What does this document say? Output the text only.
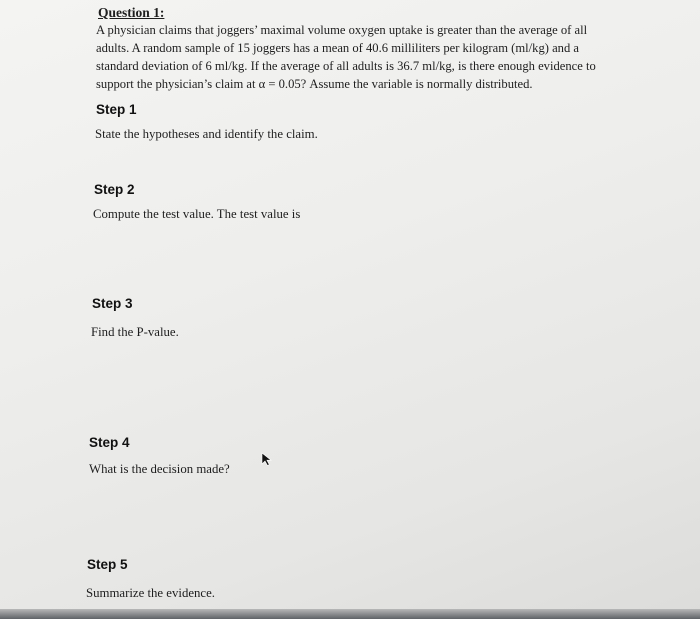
Question 1:
A physician claims that joggers’ maximal volume oxygen uptake is greater than the average of all
adults. A random sample of 15 joggers has a mean of 40.6 milliliters per kilogram (ml/kg) and a
standard deviation of 6 ml/kg. If the average of all adults is 36.7 ml/kg, is there enough evidence to
support the physician’s claim at α = 0.05? Assume the variable is normally distributed.
Step 1
State the hypotheses and identify the claim.
Step 2
Compute the test value. The test value is
Step 3
Find the P-value.
Step 4
What is the decision made?
Step 5
Summarize the evidence.
